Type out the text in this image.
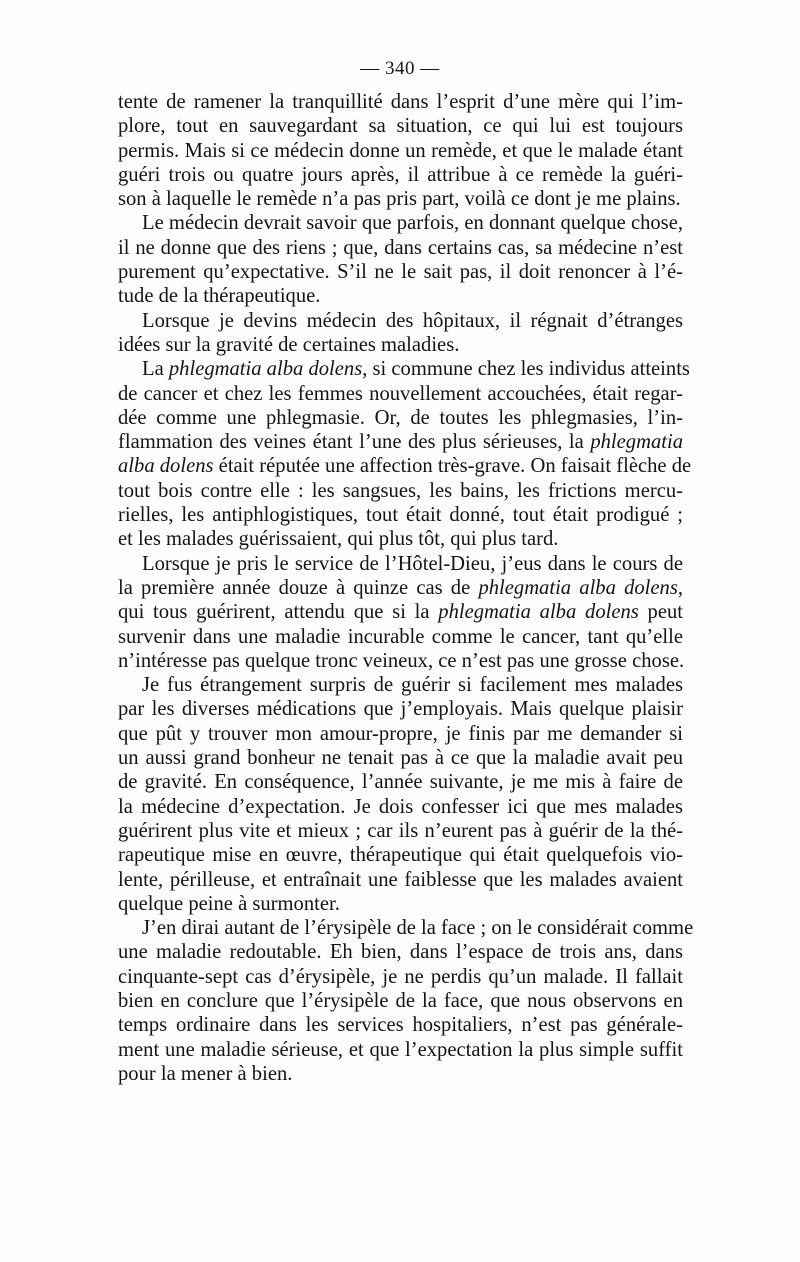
— 340 —
tente de ramener la tranquillité dans l’esprit d’une mère qui l’im-
plore, tout en sauvegardant sa situation, ce qui lui est toujours
permis. Mais si ce médecin donne un remède, et que le malade étant
guéri trois ou quatre jours après, il attribue à ce remède la guéri-
son à laquelle le remède n’a pas pris part, voilà ce dont je me plains.
Le médecin devrait savoir que parfois, en donnant quelque chose,
il ne donne que des riens ; que, dans certains cas, sa médecine n’est
purement qu’expectative. S’il ne le sait pas, il doit renoncer à l’é-
tude de la thérapeutique.
Lorsque je devins médecin des hôpitaux, il régnait d’étranges
idées sur la gravité de certaines maladies.
La phlegmatia alba dolens, si commune chez les individus atteints
de cancer et chez les femmes nouvellement accouchées, était regar-
dée comme une phlegmasie. Or, de toutes les phlegmasies, l’in-
flammation des veines étant l’une des plus sérieuses, la phlegmatia
alba dolens était réputée une affection très-grave. On faisait flèche de
tout bois contre elle : les sangsues, les bains, les frictions mercu-
rielles, les antiphlogistiques, tout était donné, tout était prodigué ;
et les malades guérissaient, qui plus tôt, qui plus tard.
Lorsque je pris le service de l’Hôtel-Dieu, j’eus dans le cours de
la première année douze à quinze cas de phlegmatia alba dolens,
qui tous guérirent, attendu que si la phlegmatia alba dolens peut
survenir dans une maladie incurable comme le cancer, tant qu’elle
n’intéresse pas quelque tronc veineux, ce n’est pas une grosse chose.
Je fus étrangement surpris de guérir si facilement mes malades
par les diverses médications que j’employais. Mais quelque plaisir
que pût y trouver mon amour-propre, je finis par me demander si
un aussi grand bonheur ne tenait pas à ce que la maladie avait peu
de gravité. En conséquence, l’année suivante, je me mis à faire de
la médecine d’expectation. Je dois confesser ici que mes malades
guérirent plus vite et mieux ; car ils n’eurent pas à guérir de la thé-
rapeutique mise en œuvre, thérapeutique qui était quelquefois vio-
lente, périlleuse, et entraînait une faiblesse que les malades avaient
quelque peine à surmonter.
J’en dirai autant de l’érysipèle de la face ; on le considérait comme
une maladie redoutable. Eh bien, dans l’espace de trois ans, dans
cinquante-sept cas d’érysipèle, je ne perdis qu’un malade. Il fallait
bien en conclure que l’érysipèle de la face, que nous observons en
temps ordinaire dans les services hospitaliers, n’est pas générale-
ment une maladie sérieuse, et que l’expectation la plus simple suffit
pour la mener à bien.
